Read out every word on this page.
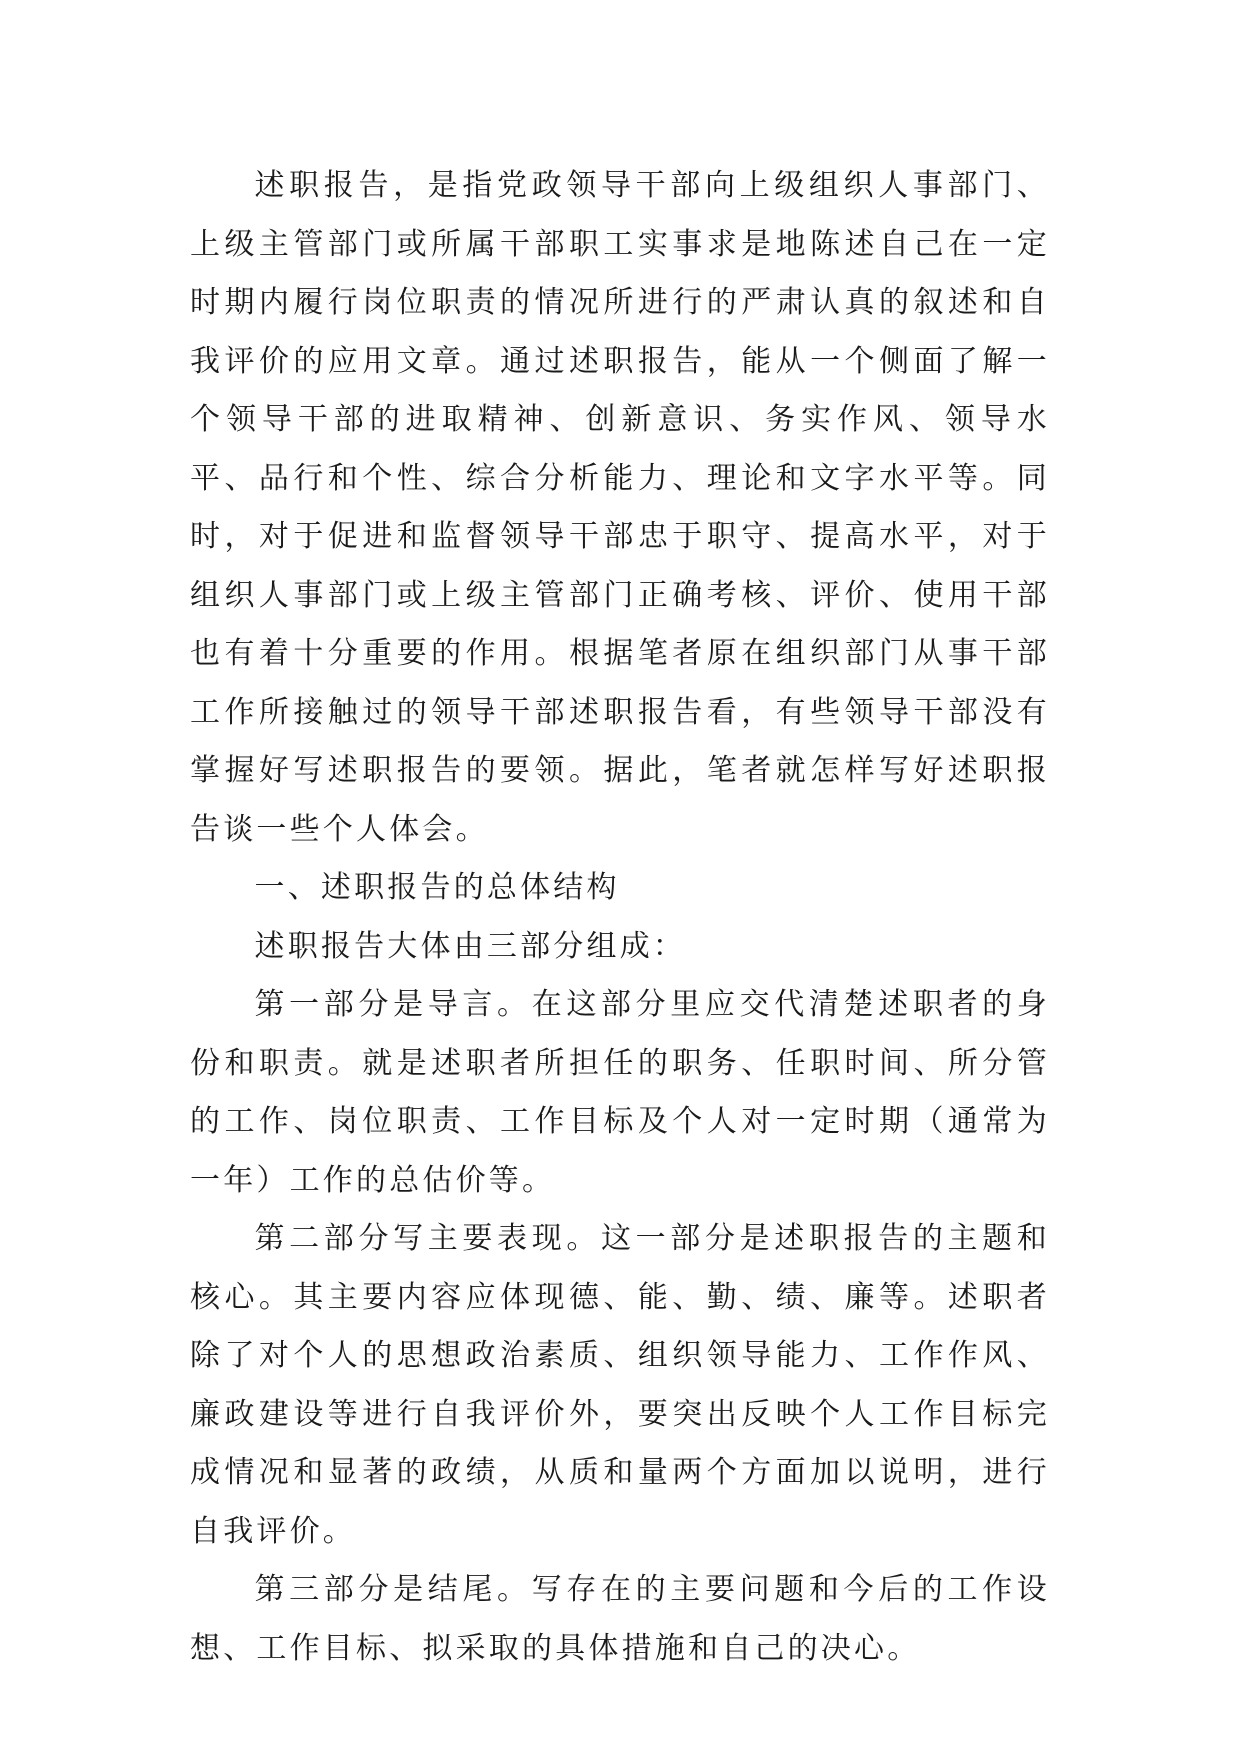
述职报告，是指党政领导干部向上级组织人事部门、上级主管部门或所属干部职工实事求是地陈述自己在一定时期内履行岗位职责的情况所进行的严肃认真的叙述和自我评价的应用文章。通过述职报告，能从一个侧面了解一个领导干部的进取精神、创新意识、务实作风、领导水平、品行和个性、综合分析能力、理论和文字水平等。同时，对于促进和监督领导干部忠于职守、提高水平，对于组织人事部门或上级主管部门正确考核、评价、使用干部也有着十分重要的作用。根据笔者原在组织部门从事干部工作所接触过的领导干部述职报告看，有些领导干部没有掌握好写述职报告的要领。据此，笔者就怎样写好述职报告谈一些个人体会。

一、述职报告的总体结构

述职报告大体由三部分组成：

第一部分是导言。在这部分里应交代清楚述职者的身份和职责。就是述职者所担任的职务、任职时间、所分管的工作、岗位职责、工作目标及个人对一定时期（通常为一年）工作的总估价等。

第二部分写主要表现。这一部分是述职报告的主题和核心。其主要内容应体现德、能、勤、绩、廉等。述职者除了对个人的思想政治素质、组织领导能力、工作作风、廉政建设等进行自我评价外，要突出反映个人工作目标完成情况和显著的政绩，从质和量两个方面加以说明，进行自我评价。

第三部分是结尾。写存在的主要问题和今后的工作设想、工作目标、拟采取的具体措施和自己的决心。
